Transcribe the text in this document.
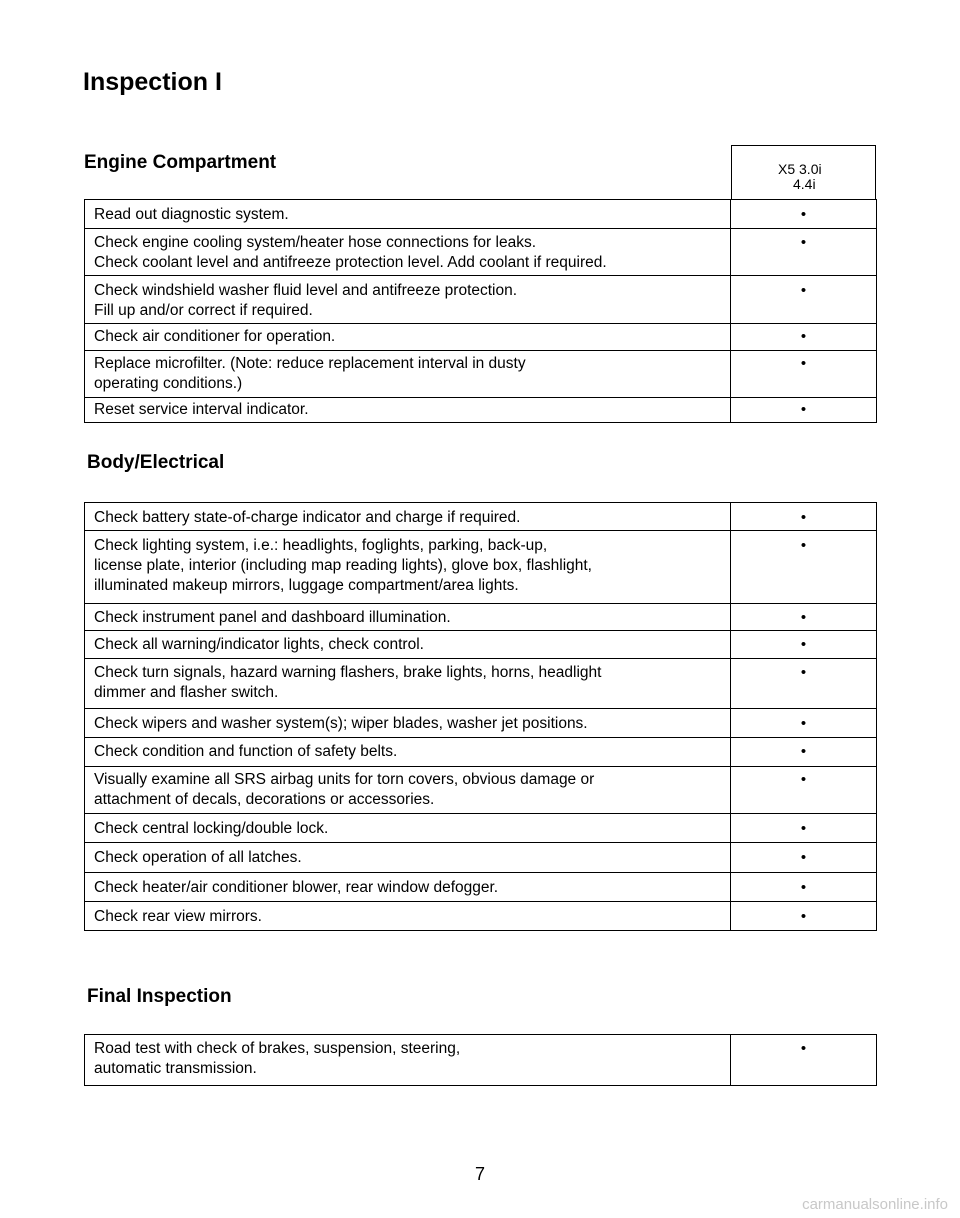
Inspection I
Engine Compartment	X5 3.0i
4.4i
Read out diagnostic system.	•
Check engine cooling system/heater hose connections for leaks.
Check coolant level and antifreeze protection level. Add coolant if required.	•
Check windshield washer fluid level and antifreeze protection.
Fill up and/or correct if required.	•
Check air conditioner for operation.	•
Replace microfilter. (Note: reduce replacement interval in dusty
operating conditions.)	•
Reset service interval indicator.	•
Body/Electrical
Check battery state-of-charge indicator and charge if required.	•
Check lighting system, i.e.: headlights, foglights, parking, back-up,
license plate, interior (including map reading lights), glove box, flashlight,
illuminated makeup mirrors, luggage compartment/area lights.	•
Check instrument panel and dashboard illumination.	•
Check all warning/indicator lights, check control.	•
Check turn signals, hazard warning flashers, brake lights, horns, headlight
dimmer and flasher switch.	•
Check wipers and washer system(s); wiper blades, washer jet positions.	•
Check condition and function of safety belts.	•
Visually examine all SRS airbag units for torn covers, obvious damage or
attachment of decals, decorations or accessories.	•
Check central locking/double lock.	•
Check operation of all latches.	•
Check heater/air conditioner blower, rear window defogger.	•
Check rear view mirrors.	•
Final Inspection
Road test with check of brakes, suspension, steering,
automatic transmission.	•
7
carmanualsonline.info
